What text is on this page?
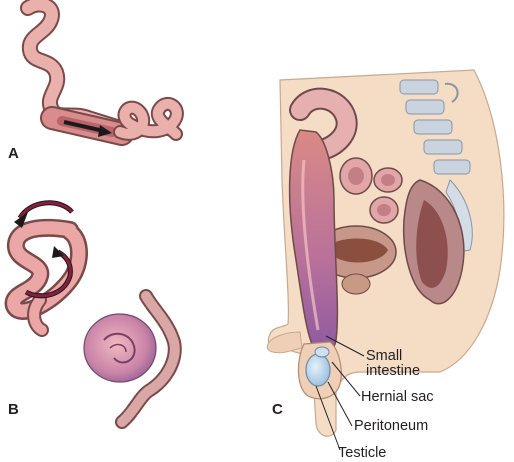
A
B	C
Small
intestine
Hernial sac
Peritoneum
Testicle
